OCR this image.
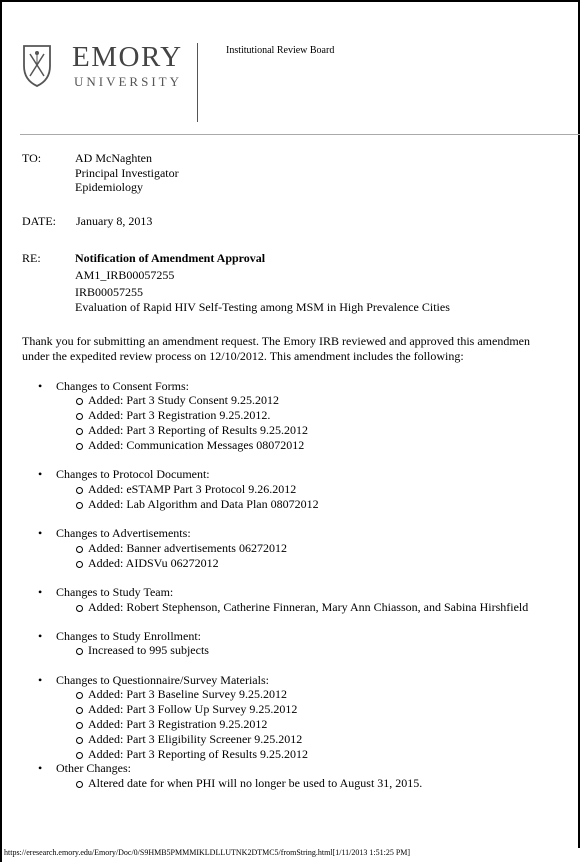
EMORY
UNIVERSITY
Institutional Review Board
TO:	AD McNaghten
Principal Investigator
Epidemiology
DATE: January 8, 2013
RE:	Notification of Amendment Approval
AM1_IRB00057255
IRB00057255
Evaluation of Rapid HIV Self-Testing among MSM in High Prevalence Cities
Thank you for submitting an amendment request. The Emory IRB reviewed and approved this amendmen
under the expedited review process on 12/10/2012. This amendment includes the following:
• Changes to Consent Forms:
Added: Part 3 Study Consent 9.25.2012
Added: Part 3 Registration 9.25.2012.
Added: Part 3 Reporting of Results 9.25.2012
Added: Communication Messages 08072012
• Changes to Protocol Document:
Added: eSTAMP Part 3 Protocol 9.26.2012
Added: Lab Algorithm and Data Plan 08072012
• Changes to Advertisements:
Added: Banner advertisements 06272012
Added: AIDSVu 06272012
• Changes to Study Team:
Added: Robert Stephenson, Catherine Finneran, Mary Ann Chiasson, and Sabina Hirshfield
• Changes to Study Enrollment:
Increased to 995 subjects
• Changes to Questionnaire/Survey Materials:
Added: Part 3 Baseline Survey 9.25.2012
Added: Part 3 Follow Up Survey 9.25.2012
Added: Part 3 Registration 9.25.2012
Added: Part 3 Eligibility Screener 9.25.2012
Added: Part 3 Reporting of Results 9.25.2012
• Other Changes:
Altered date for when PHI will no longer be used to August 31, 2015.
https://eresearch.emory.edu/Emory/Doc/0/S9HMB5PMMMIKLDLLUTNK2DTMC5/fromString.html[1/11/2013 1:51:25 PM]
